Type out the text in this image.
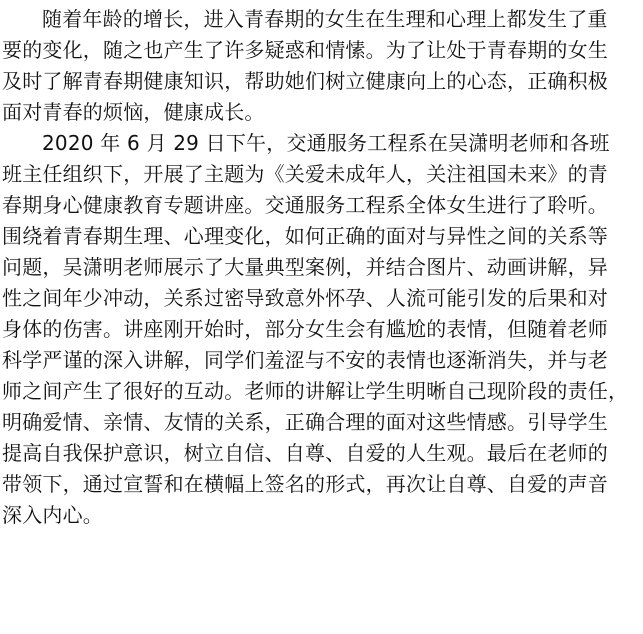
随着年龄的增长，进入青春期的女生在生理和心理上都发生了重
要的变化，随之也产生了许多疑惑和情愫。为了让处于青春期的女生
及时了解青春期健康知识，帮助她们树立健康向上的心态，正确积极
面对青春的烦恼，健康成长。
2020 年 6 月 29 日下午，交通服务工程系在吴潇明老师和各班
班主任组织下，开展了主题为《关爱未成年人，关注祖国未来》的青
春期身心健康教育专题讲座。交通服务工程系全体女生进行了聆听。
围绕着青春期生理、心理变化，如何正确的面对与异性之间的关系等
问题，吴潇明老师展示了大量典型案例，并结合图片、动画讲解，异
性之间年少冲动，关系过密导致意外怀孕、人流可能引发的后果和对
身体的伤害。讲座刚开始时，部分女生会有尴尬的表情，但随着老师
科学严谨的深入讲解，同学们羞涩与不安的表情也逐渐消失，并与老
师之间产生了很好的互动。老师的讲解让学生明晰自己现阶段的责任，
明确爱情、亲情、友情的关系，正确合理的面对这些情感。引导学生
提高自我保护意识，树立自信、自尊、自爱的人生观。最后在老师的
带领下，通过宣誓和在横幅上签名的形式，再次让自尊、自爱的声音
深入内心。
